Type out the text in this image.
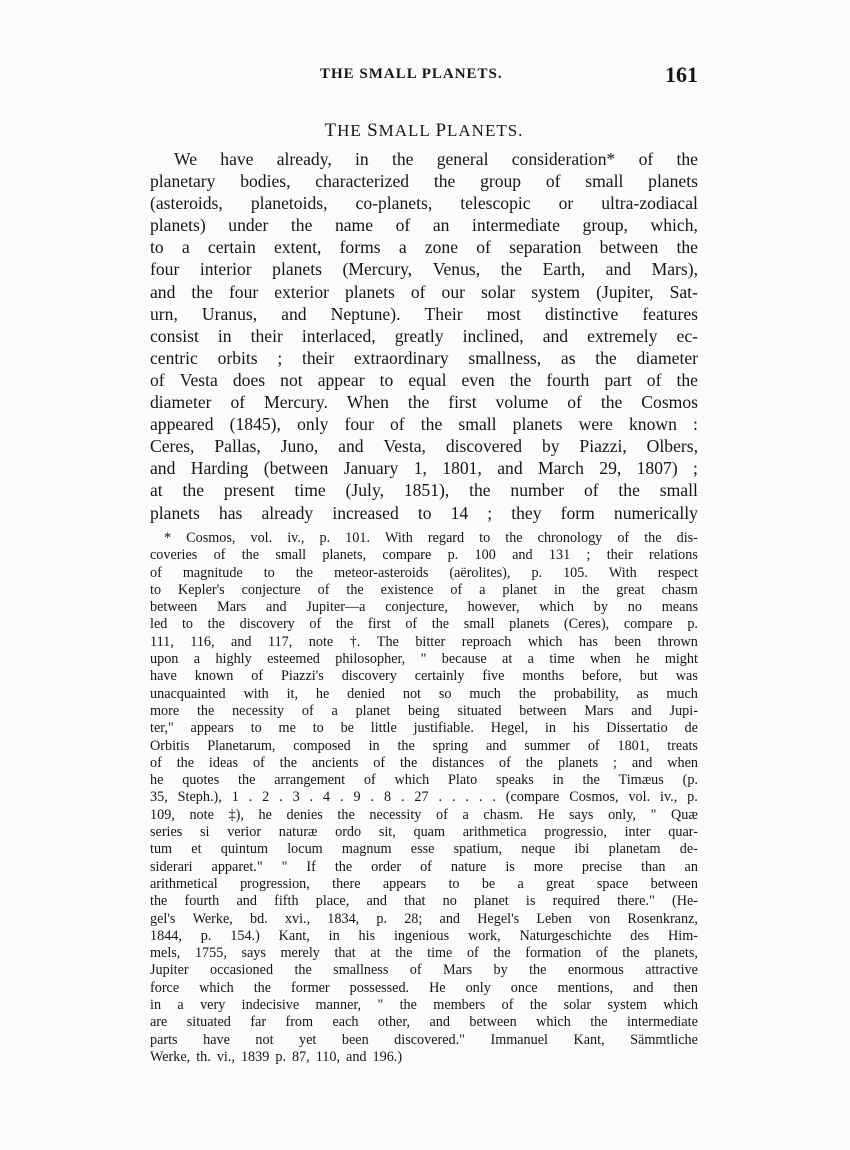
THE SMALL PLANETS.	161
THE SMALL PLANETS.
We have already, in the general consideration* of the
planetary bodies, characterized the group of small planets
(asteroids, planetoids, co-planets, telescopic or ultra-zodiacal
planets) under the name of an intermediate group, which,
to a certain extent, forms a zone of separation between the
four interior planets (Mercury, Venus, the Earth, and Mars),
and the four exterior planets of our solar system (Jupiter, Sat-
urn, Uranus, and Neptune). Their most distinctive features
consist in their interlaced, greatly inclined, and extremely ec-
centric orbits ; their extraordinary smallness, as the diameter
of Vesta does not appear to equal even the fourth part of the
diameter of Mercury. When the first volume of the Cosmos
appeared (1845), only four of the small planets were known :
Ceres, Pallas, Juno, and Vesta, discovered by Piazzi, Olbers,
and Harding (between January 1, 1801, and March 29, 1807) ;
at the present time (July, 1851), the number of the small
planets has already increased to 14 ; they form numerically
* Cosmos, vol. iv., p. 101. With regard to the chronology of the dis-
coveries of the small planets, compare p. 100 and 131 ; their relations
of magnitude to the meteor-asteroids (aërolites), p. 105. With respect
to Kepler's conjecture of the existence of a planet in the great chasm
between Mars and Jupiter—a conjecture, however, which by no means
led to the discovery of the first of the small planets (Ceres), compare p.
111, 116, and 117, note †. The bitter reproach which has been thrown
upon a highly esteemed philosopher, " because at a time when he might
have known of Piazzi's discovery certainly five months before, but was
unacquainted with it, he denied not so much the probability, as much
more the necessity of a planet being situated between Mars and Jupi-
ter," appears to me to be little justifiable. Hegel, in his Dissertatio de
Orbitis Planetarum, composed in the spring and summer of 1801, treats
of the ideas of the ancients of the distances of the planets ; and when
he quotes the arrangement of which Plato speaks in the Timæus (p.
35, Steph.), 1 . 2 . 3 . 4 . 9 . 8 . 27 . . . . . (compare Cosmos, vol. iv., p.
109, note ‡), he denies the necessity of a chasm. He says only, " Quæ
series si verior naturæ ordo sit, quam arithmetica progressio, inter quar-
tum et quintum locum magnum esse spatium, neque ibi planetam de-
siderari apparet." " If the order of nature is more precise than an
arithmetical progression, there appears to be a great space between
the fourth and fifth place, and that no planet is required there." (He-
gel's Werke, bd. xvi., 1834, p. 28; and Hegel's Leben von Rosenkranz,
1844, p. 154.) Kant, in his ingenious work, Naturgeschichte des Him-
mels, 1755, says merely that at the time of the formation of the planets,
Jupiter occasioned the smallness of Mars by the enormous attractive
force which the former possessed. He only once mentions, and then
in a very indecisive manner, " the members of the solar system which
are situated far from each other, and between which the intermediate
parts have not yet been discovered." Immanuel Kant, Sämmtliche
Werke, th. vi., 1839 p. 87, 110, and 196.)
